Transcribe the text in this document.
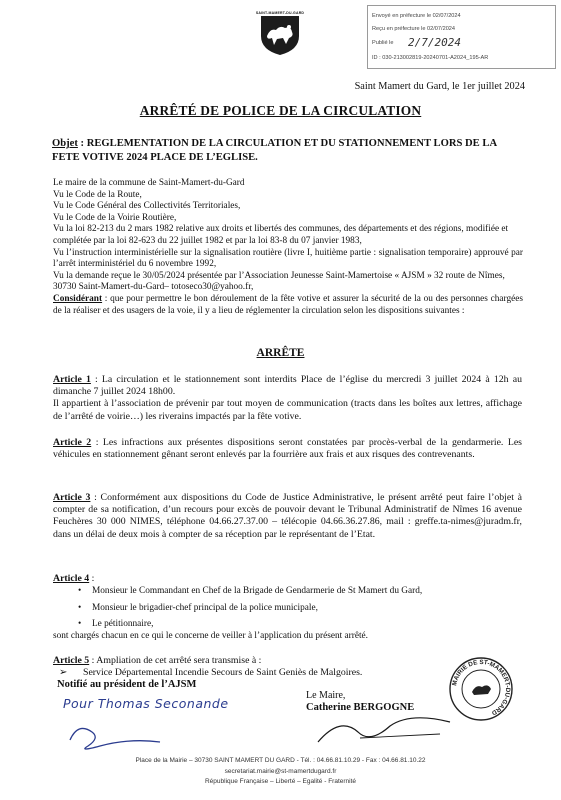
SAINT-MAMERT-DU-GARD	Envoyé en préfecture le 02/07/2024
Reçu en préfecture le 02/07/2024
Publié le 2/7/2024
ID : 030-213002819-20240701-A2024_195-AR
Saint Mamert du Gard, le 1er juillet 2024
ARRÊTÉ DE POLICE DE LA CIRCULATION
Objet : REGLEMENTATION DE LA CIRCULATION ET DU STATIONNEMENT LORS DE LA FETE VOTIVE 2024 PLACE DE L’EGLISE.

Le maire de la commune de Saint-Mamert-du-Gard

Vu le Code de la Route,

Vu le Code Général des Collectivités Territoriales,

Vu le Code de la Voirie Routière,

Vu la loi 82-213 du 2 mars 1982 relative aux droits et libertés des communes, des départements et des régions, modifiée et complétée par la loi 82-623 du 22 juillet 1982 et par la loi 83-8 du 07 janvier 1983,

Vu l’instruction interministérielle sur la signalisation routière (livre I, huitième partie : signalisation temporaire) approuvé par l’arrêt interministériel du 6 novembre 1992,

Vu la demande reçue le 30/05/2024 présentée par l’Association Jeunesse Saint-Mamertoise « AJSM » 32 route de Nîmes, 30730 Saint-Mamert-du-Gard– totoseco30@yahoo.fr,

Considérant : que pour permettre le bon déroulement de la fête votive et assurer la sécurité de la ou des personnes chargées de la réaliser et des usagers de la voie, il y a lieu de réglementer la circulation selon les dispositions suivantes :

ARRÊTE

Article 1 : La circulation et le stationnement sont interdits Place de l’église du mercredi 3 juillet 2024 à 12h au dimanche 7 juillet 2024 18h00.

Il appartient à l’association de prévenir par tout moyen de communication (tracts dans les boîtes aux lettres, affichage de l’arrêté de voirie…) les riverains impactés par la fête votive.

Article 2 : Les infractions aux présentes dispositions seront constatées par procès-verbal de la gendarmerie. Les véhicules en stationnement gênant seront enlevés par la fourrière aux frais et aux risques des contrevenants.

Article 3 : Conformément aux dispositions du Code de Justice Administrative, le présent arrêté peut faire l’objet à compter de sa notification, d’un recours pour excès de pouvoir devant le Tribunal Administratif de Nîmes 16 avenue Feuchères 30 000 NIMES, téléphone 04.66.27.37.00 – télécopie 04.66.36.27.86, mail : greffe.ta-nimes@juradm.fr, dans un délai de deux mois à compter de sa réception par le représentant de l’Etat.

Article 4 :

• Monsieur le Commandant en Chef de la Brigade de Gendarmerie de St Mamert du Gard,
• Monsieur le brigadier-chef principal de la police municipale,
• Le pétitionnaire,
sont chargés chacun en ce qui le concerne de veiller à l’application du présent arrêté.

Article 5 : Ampliation de cet arrêté sera transmise à :

➢ Service Départemental Incendie Secours de Saint Geniès de Malgoires.

Notifié au président de l’AJSM
Pour Thomas Seconande
Le Maire,
Catherine BERGOGNE
MAIRIE DE ST-MAMERT-DU-GARD
Place de la Mairie – 30730 SAINT MAMERT DU GARD - Tél. : 04.66.81.10.29 - Fax : 04.66.81.10.22
secretariat.mairie@st-mamertdugard.fr
République Française – Liberté – Egalité - Fraternité
